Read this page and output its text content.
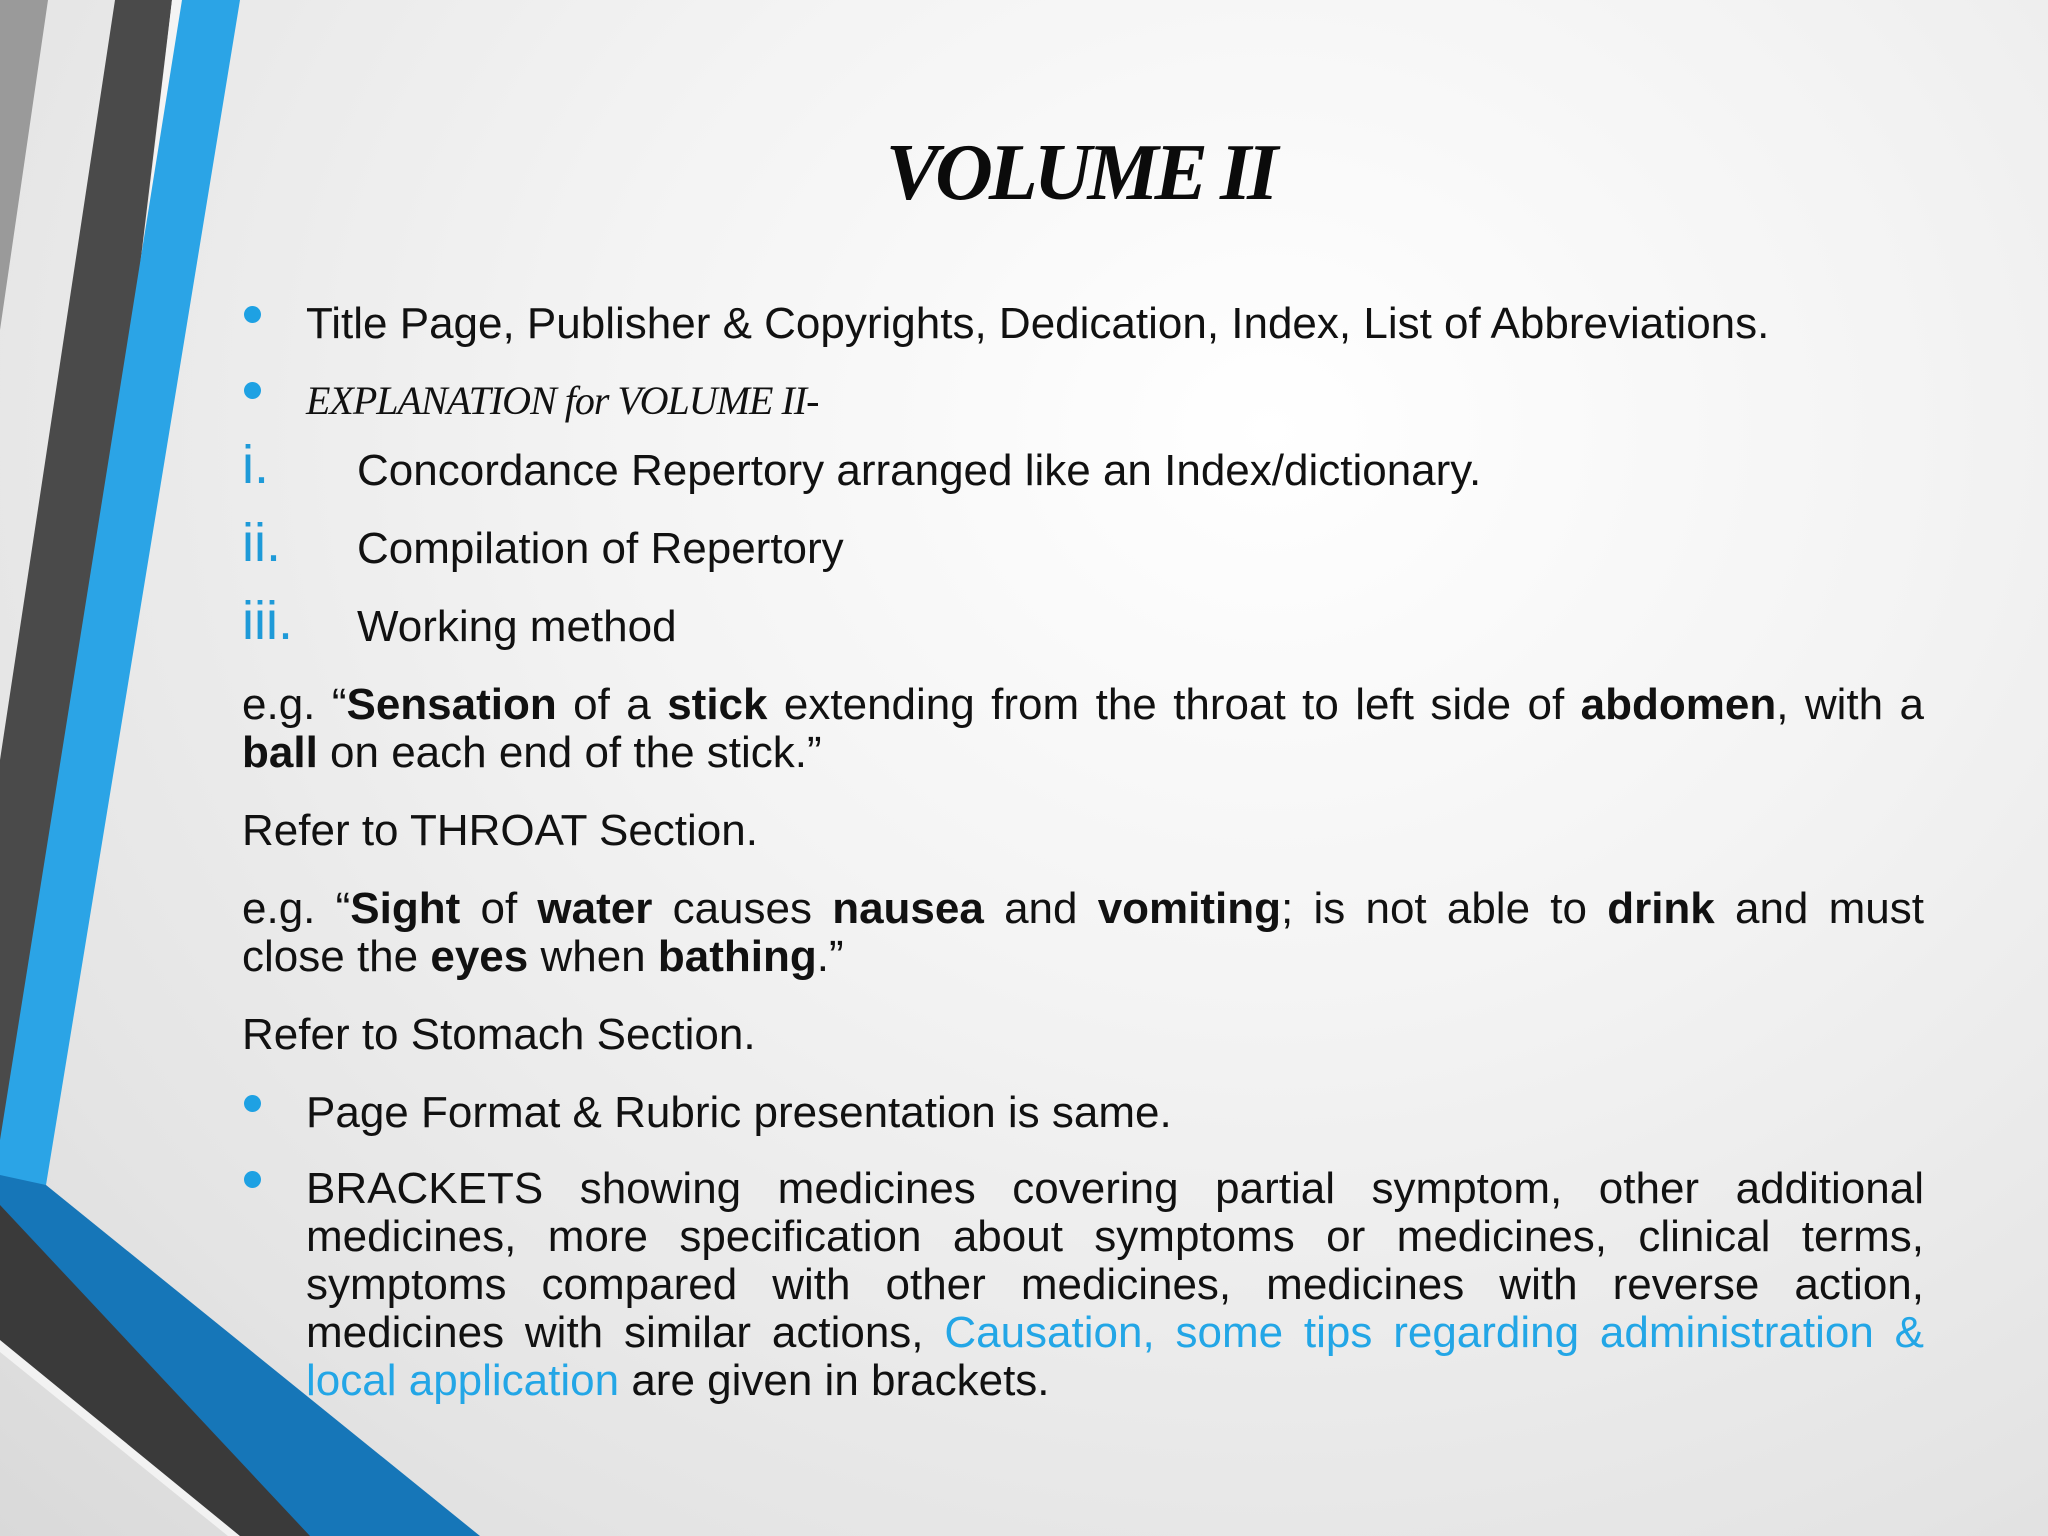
VOLUME II
Title Page, Publisher & Copyrights, Dedication, Index, List of Abbreviations.
EXPLANATION for VOLUME II-
i. Concordance Repertory arranged like an Index/dictionary.
ii. Compilation of Repertory
iii. Working method
e.g. “Sensation of a stick extending from the throat to left side of abdomen, with a ball on each end of the stick.”
Refer to THROAT Section.
e.g. “Sight of water causes nausea and vomiting; is not able to drink and must close the eyes when bathing.”
Refer to Stomach Section.
Page Format & Rubric presentation is same.
BRACKETS showing medicines covering partial symptom, other additional medicines, more specification about symptoms or medicines, clinical terms, symptoms compared with other medicines, medicines with reverse action, medicines with similar actions, Causation, some tips regarding administration & local application are given in brackets.
